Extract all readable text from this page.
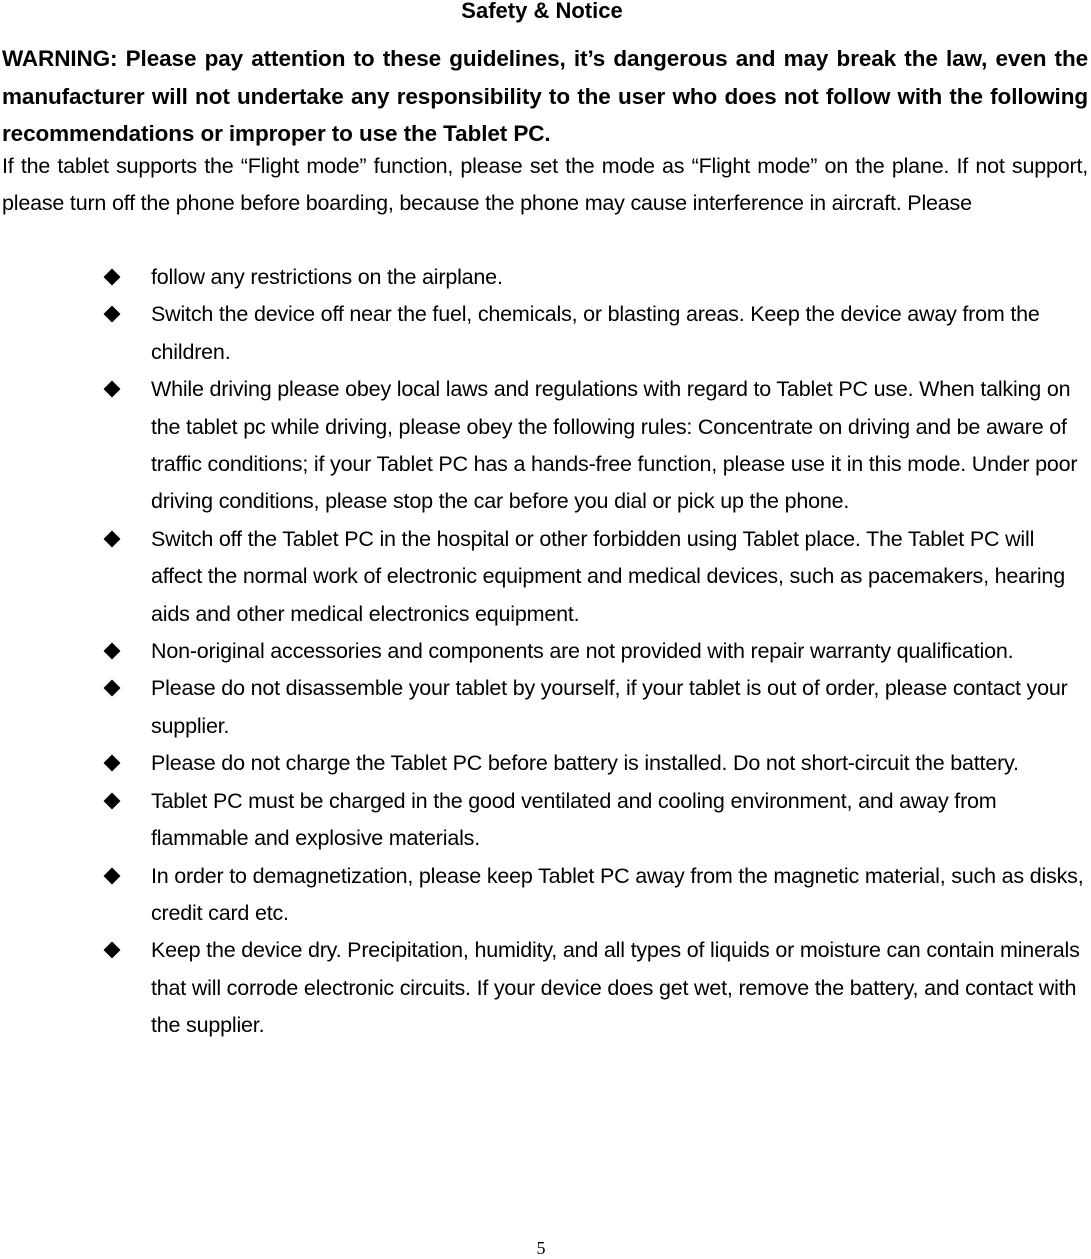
Safety & Notice
WARNING: Please pay attention to these guidelines, it’s dangerous and may break the law, even the manufacturer will not undertake any responsibility to the user who does not follow with the following recommendations or improper to use the Tablet PC.
If the tablet supports the “Flight mode” function, please set the mode as “Flight mode” on the plane. If not support, please turn off the phone before boarding, because the phone may cause interference in aircraft. Please
follow any restrictions on the airplane.
Switch the device off near the fuel, chemicals, or blasting areas. Keep the device away from the children.
While driving please obey local laws and regulations with regard to Tablet PC use. When talking on the tablet pc while driving, please obey the following rules: Concentrate on driving and be aware of traffic conditions; if your Tablet PC has a hands-free function, please use it in this mode. Under poor driving conditions, please stop the car before you dial or pick up the phone.
Switch off the Tablet PC in the hospital or other forbidden using Tablet place. The Tablet PC will affect the normal work of electronic equipment and medical devices, such as pacemakers, hearing aids and other medical electronics equipment.
Non-original accessories and components are not provided with repair warranty qualification.
Please do not disassemble your tablet by yourself, if your tablet is out of order, please contact your supplier.
Please do not charge the Tablet PC before battery is installed. Do not short-circuit the battery.
Tablet PC must be charged in the good ventilated and cooling environment, and away from flammable and explosive materials.
In order to demagnetization, please keep Tablet PC away from the magnetic material, such as disks, credit card etc.
Keep the device dry. Precipitation, humidity, and all types of liquids or moisture can contain minerals that will corrode electronic circuits. If your device does get wet, remove the battery, and contact with the supplier.
5
